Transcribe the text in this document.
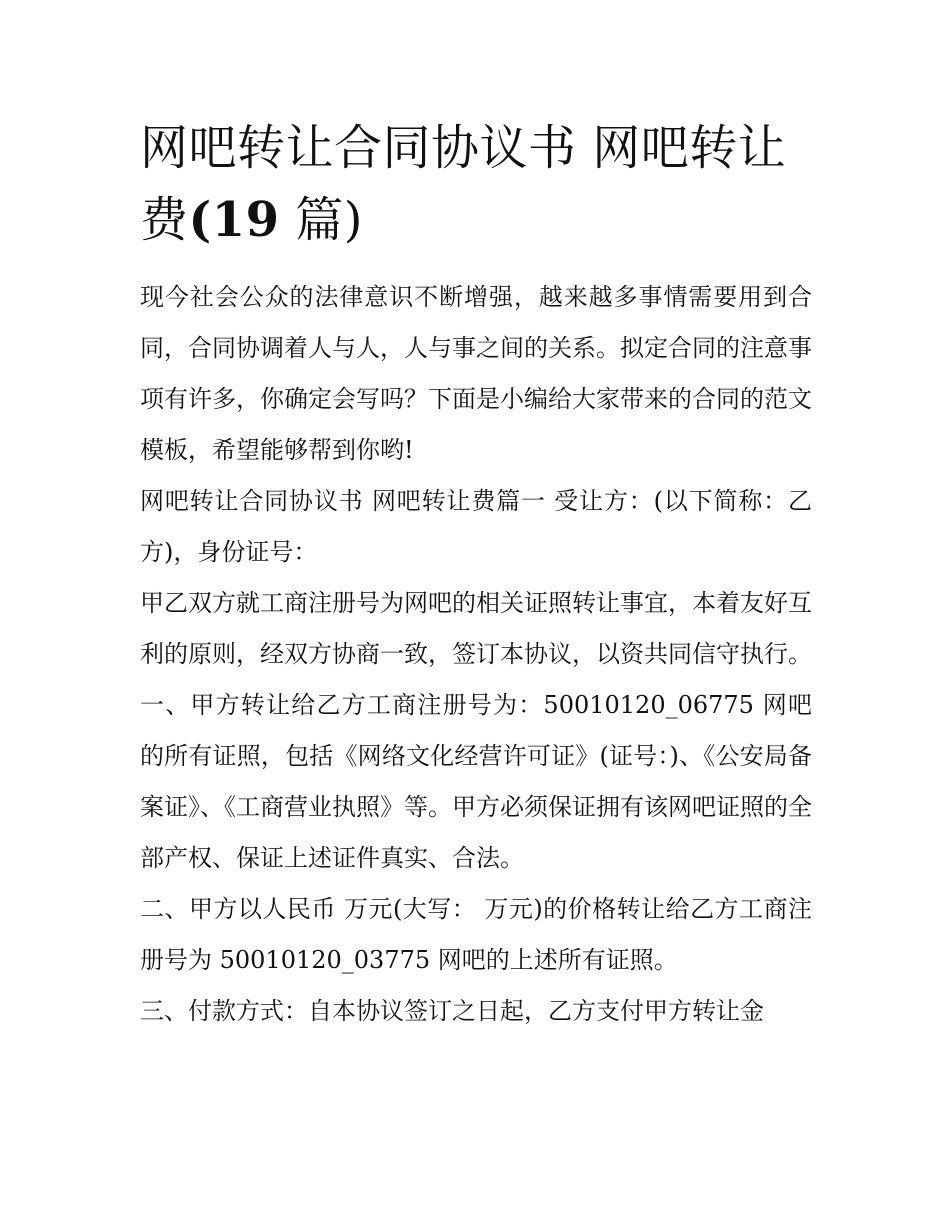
网吧转让合同协议书 网吧转让费(19 篇)

现今社会公众的法律意识不断增强，越来越多事情需要用到合同，合同协调着人与人，人与事之间的关系。拟定合同的注意事项有许多，你确定会写吗？下面是小编给大家带来的合同的范文模板，希望能够帮到你哟!

网吧转让合同协议书 网吧转让费篇一 受让方：(以下简称：乙方)，身份证号：

甲乙双方就工商注册号为网吧的相关证照转让事宜，本着友好互利的原则，经双方协商一致，签订本协议，以资共同信守执行。

一、甲方转让给乙方工商注册号为：50010120_06775 网吧的所有证照，包括《网络文化经营许可证》(证号：)、《公安局备案证》、《工商营业执照》等。甲方必须保证拥有该网吧证照的全部产权、保证上述证件真实、合法。

二、甲方以人民币 万元(大写： 万元)的价格转让给乙方工商注册号为 50010120_03775 网吧的上述所有证照。

三、付款方式：自本协议签订之日起，乙方支付甲方转让金
